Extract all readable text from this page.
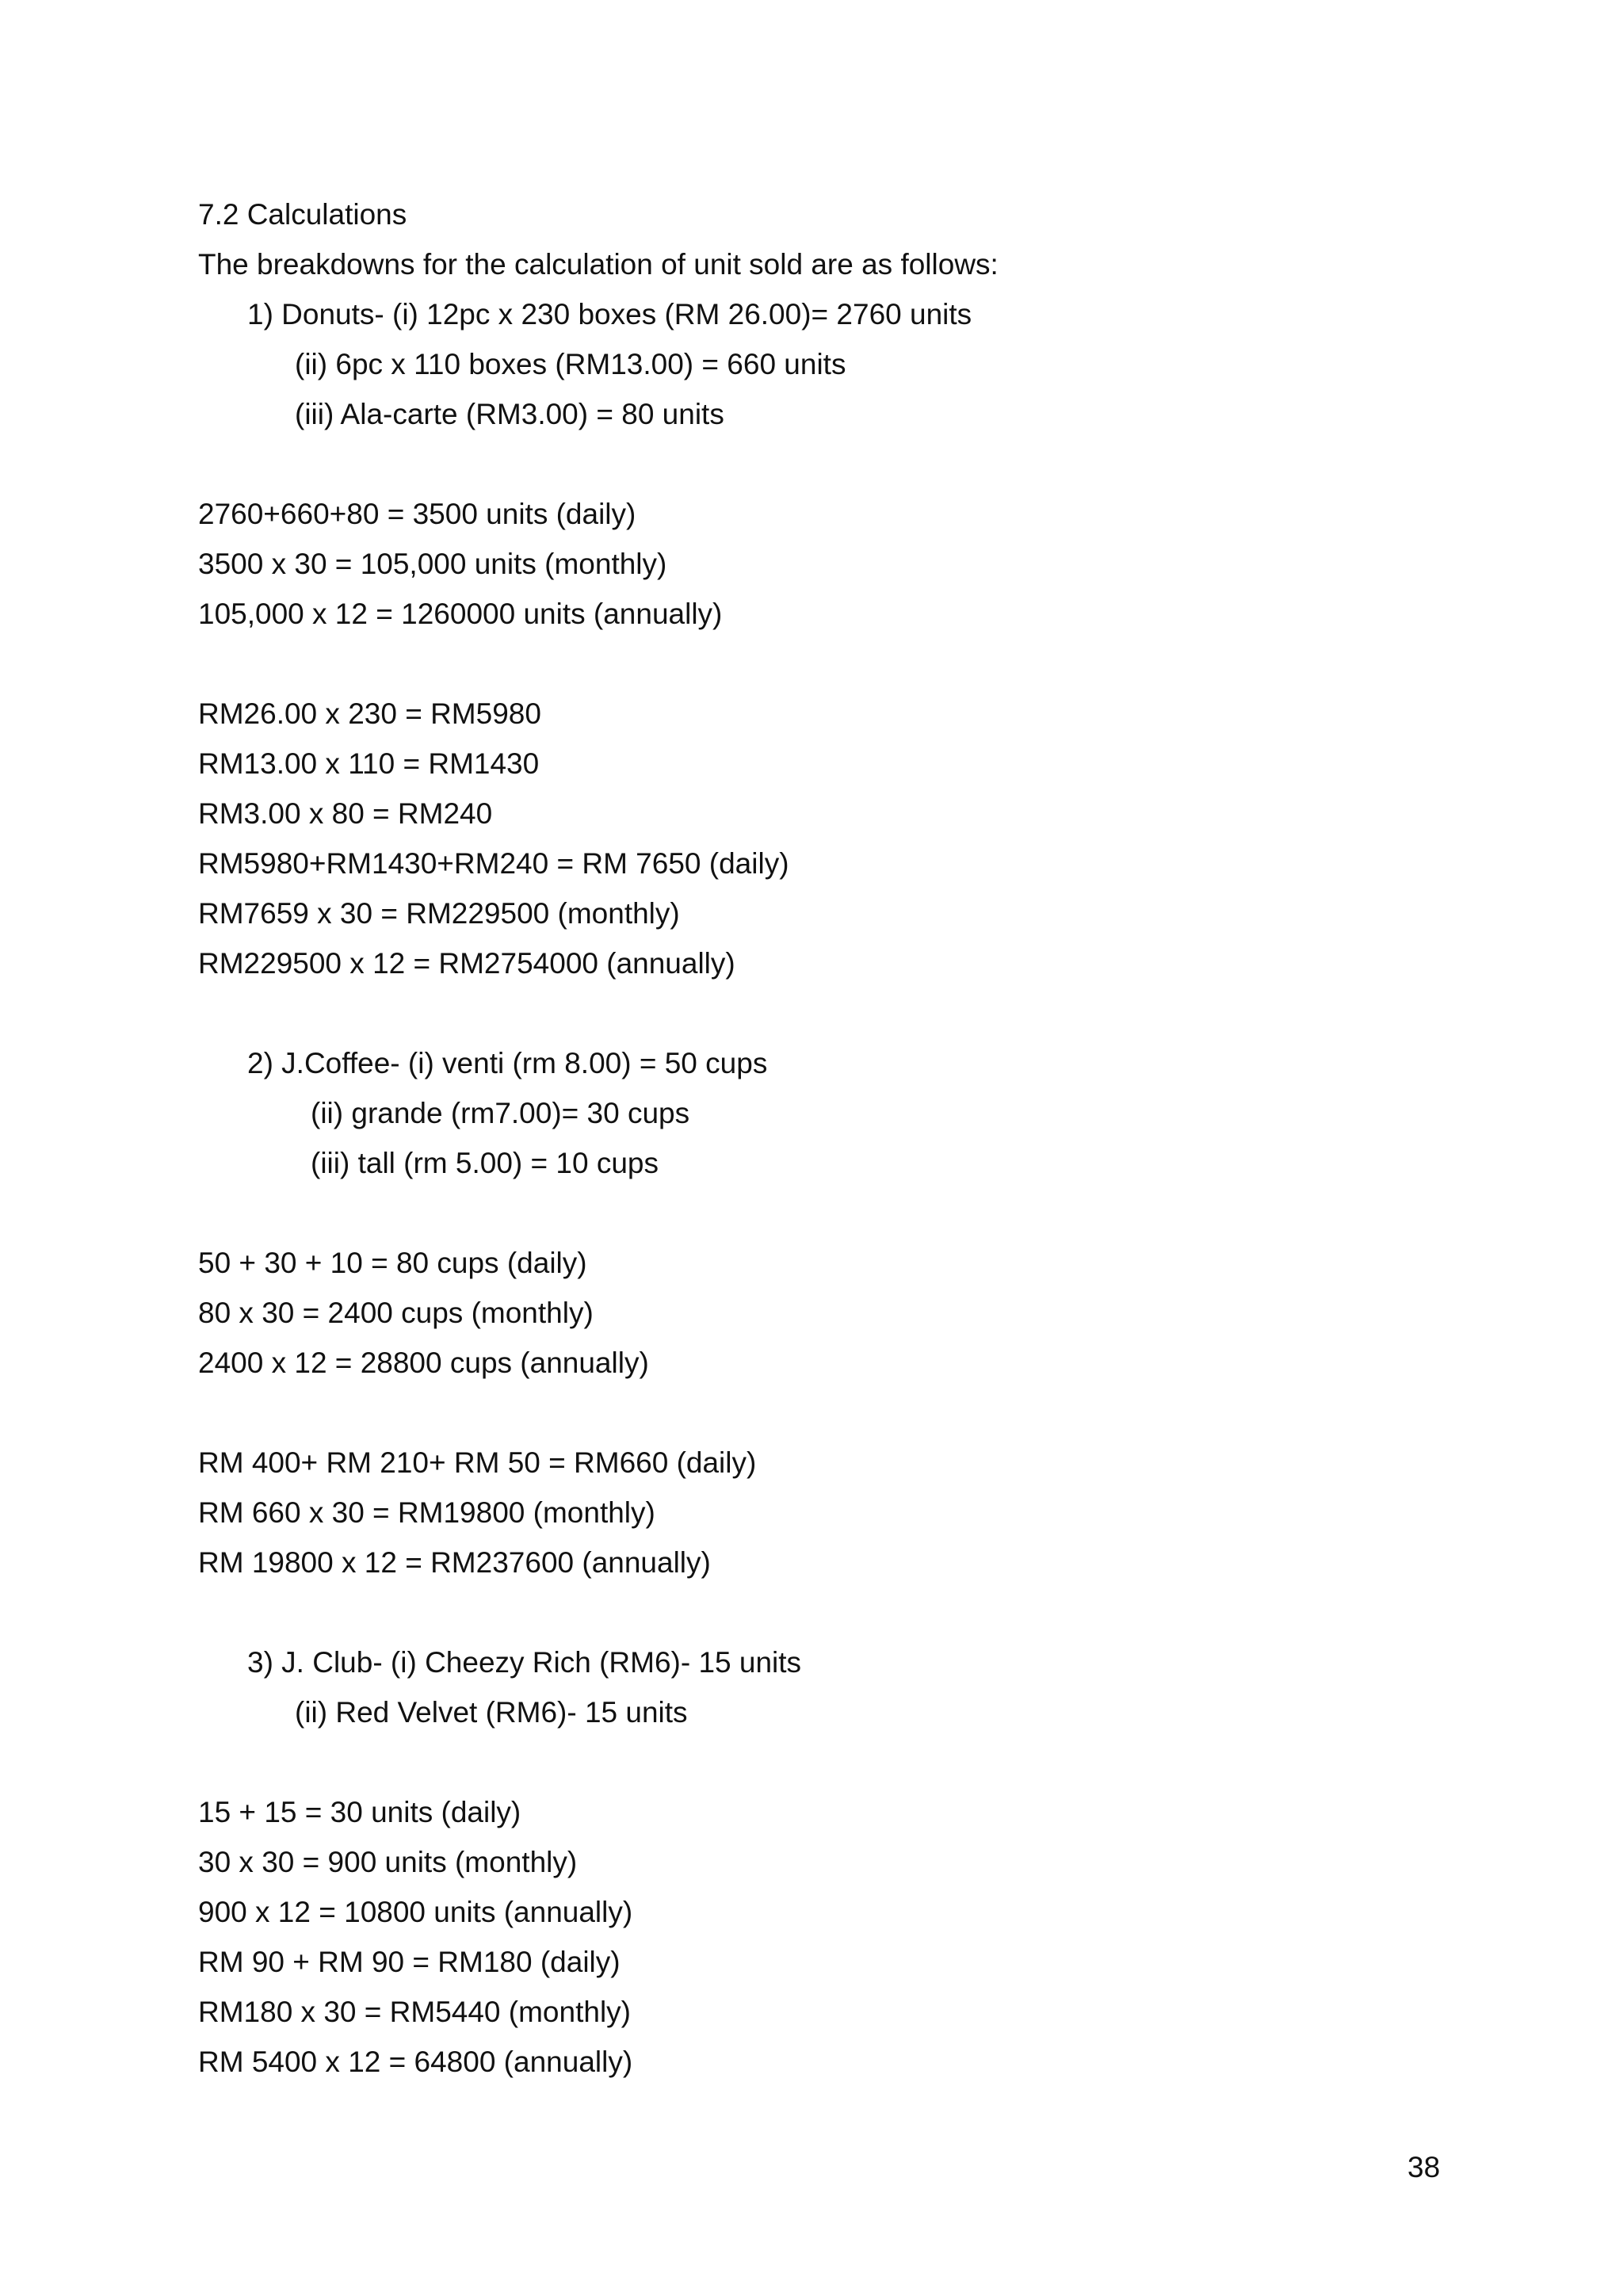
7.2 Calculations
The breakdowns for the calculation of unit sold are as follows:
1) Donuts- (i) 12pc x 230 boxes (RM 26.00)= 2760 units
(ii) 6pc x 110 boxes (RM13.00) = 660 units
(iii) Ala-carte (RM3.00) = 80 units
2760+660+80 = 3500 units (daily)
3500 x 30 = 105,000 units (monthly)
105,000 x 12 = 1260000 units (annually)
RM26.00 x 230 = RM5980
RM13.00 x 110 = RM1430
RM3.00 x 80 = RM240
RM5980+RM1430+RM240 = RM 7650 (daily)
RM7659 x 30 = RM229500 (monthly)
RM229500 x 12 = RM2754000 (annually)
2) J.Coffee- (i) venti (rm 8.00) = 50 cups
(ii) grande (rm7.00)= 30 cups
(iii) tall (rm 5.00) = 10 cups
50 + 30 + 10 = 80 cups (daily)
80 x 30 = 2400 cups (monthly)
2400 x 12 = 28800 cups (annually)
RM 400+ RM 210+ RM 50 = RM660 (daily)
RM 660 x 30 = RM19800 (monthly)
RM 19800 x 12 = RM237600 (annually)
3) J. Club- (i) Cheezy Rich (RM6)- 15 units
(ii) Red Velvet (RM6)- 15 units
15 + 15 = 30 units (daily)
30 x 30 = 900 units (monthly)
900 x 12 = 10800 units (annually)
RM 90 + RM 90 = RM180 (daily)
RM180 x 30 = RM5440 (monthly)
RM 5400 x 12 = 64800 (annually)
38
